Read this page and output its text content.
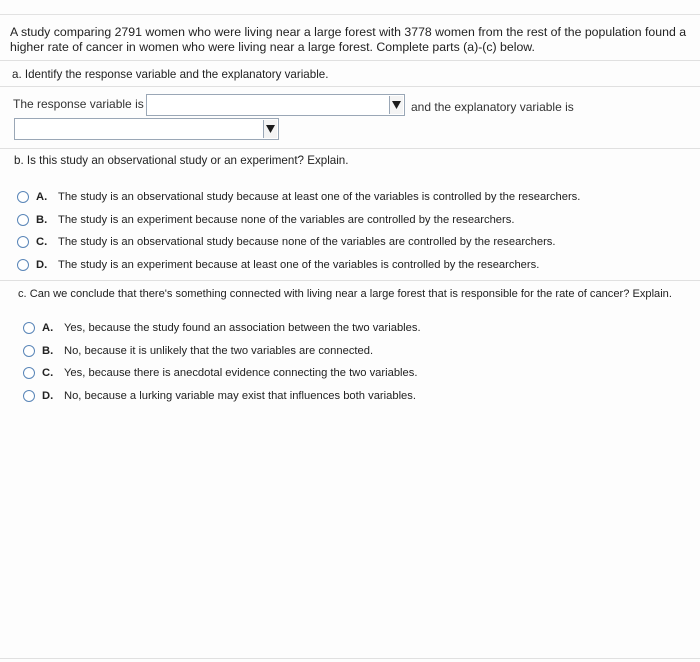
A study comparing 2791 women who were living near a large forest with 3778 women from the rest of the population found a higher rate of cancer in women who were living near a large forest. Complete parts (a)-(c) below.
a. Identify the response variable and the explanatory variable.
The response variable is	and the explanatory variable is
b. Is this study an observational study or an experiment? Explain.
A. The study is an observational study because at least one of the variables is controlled by the researchers.
B. The study is an experiment because none of the variables are controlled by the researchers.
C. The study is an observational study because none of the variables are controlled by the researchers.
D. The study is an experiment because at least one of the variables is controlled by the researchers.
c. Can we conclude that there's something connected with living near a large forest that is responsible for the rate of cancer? Explain.
A. Yes, because the study found an association between the two variables.
B. No, because it is unlikely that the two variables are connected.
C. Yes, because there is anecdotal evidence connecting the two variables.
D. No, because a lurking variable may exist that influences both variables.
